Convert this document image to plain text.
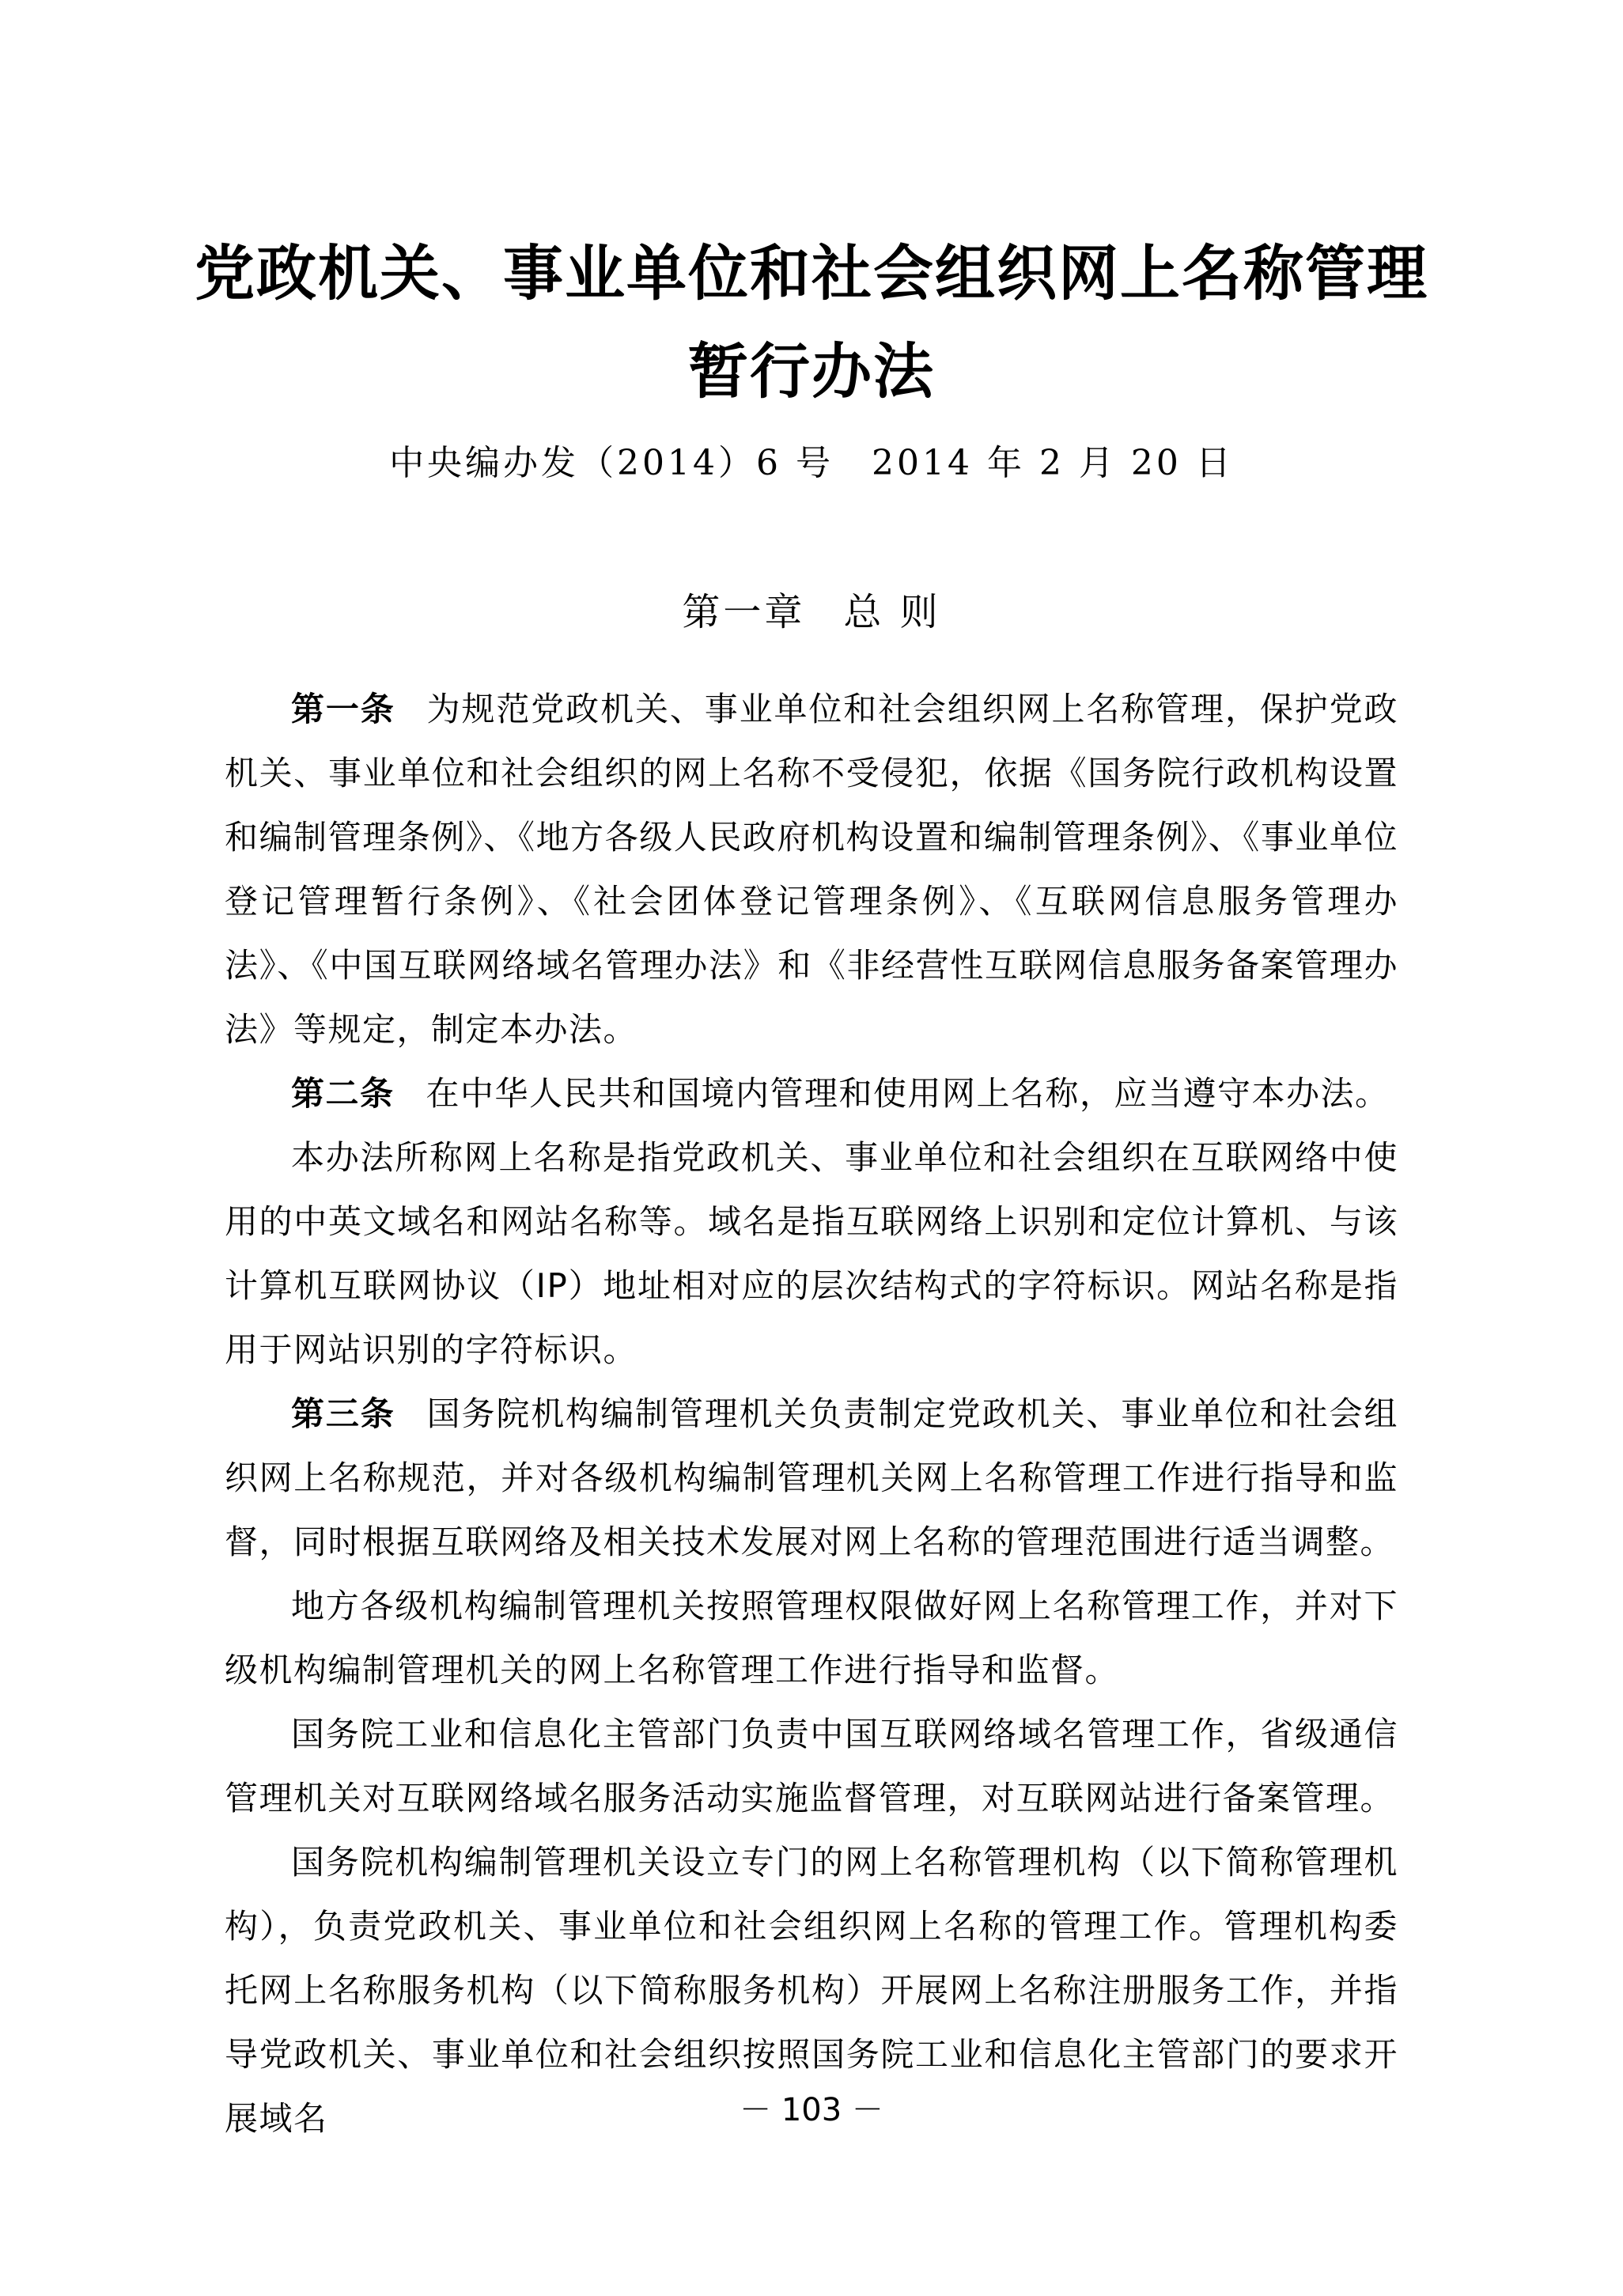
党政机关、事业单位和社会组织网上名称管理
暂行办法
中央编办发（2014）6 号　2014 年 2 月 20 日
第一章 总 则

第一条 为规范党政机关、事业单位和社会组织网上名称管理，保护党政机关、事业单位和社会组织的网上名称不受侵犯，依据《国务院行政机构设置和编制管理条例》、《地方各级人民政府机构设置和编制管理条例》、《事业单位登记管理暂行条例》、《社会团体登记管理条例》、《互联网信息服务管理办法》、《中国互联网络域名管理办法》和《非经营性互联网信息服务备案管理办法》等规定，制定本办法。

第二条 在中华人民共和国境内管理和使用网上名称，应当遵守本办法。

本办法所称网上名称是指党政机关、事业单位和社会组织在互联网络中使用的中英文域名和网站名称等。域名是指互联网络上识别和定位计算机、与该计算机互联网协议（IP）地址相对应的层次结构式的字符标识。网站名称是指用于网站识别的字符标识。

第三条 国务院机构编制管理机关负责制定党政机关、事业单位和社会组织网上名称规范，并对各级机构编制管理机关网上名称管理工作进行指导和监督，同时根据互联网络及相关技术发展对网上名称的管理范围进行适当调整。

地方各级机构编制管理机关按照管理权限做好网上名称管理工作，并对下级机构编制管理机关的网上名称管理工作进行指导和监督。

国务院工业和信息化主管部门负责中国互联网络域名管理工作，省级通信管理机关对互联网络域名服务活动实施监督管理，对互联网站进行备案管理。

国务院机构编制管理机关设立专门的网上名称管理机构（以下简称管理机构），负责党政机关、事业单位和社会组织网上名称的管理工作。管理机构委托网上名称服务机构（以下简称服务机构）开展网上名称注册服务工作，并指导党政机关、事业单位和社会组织按照国务院工业和信息化主管部门的要求开展域名	－ 103 －
